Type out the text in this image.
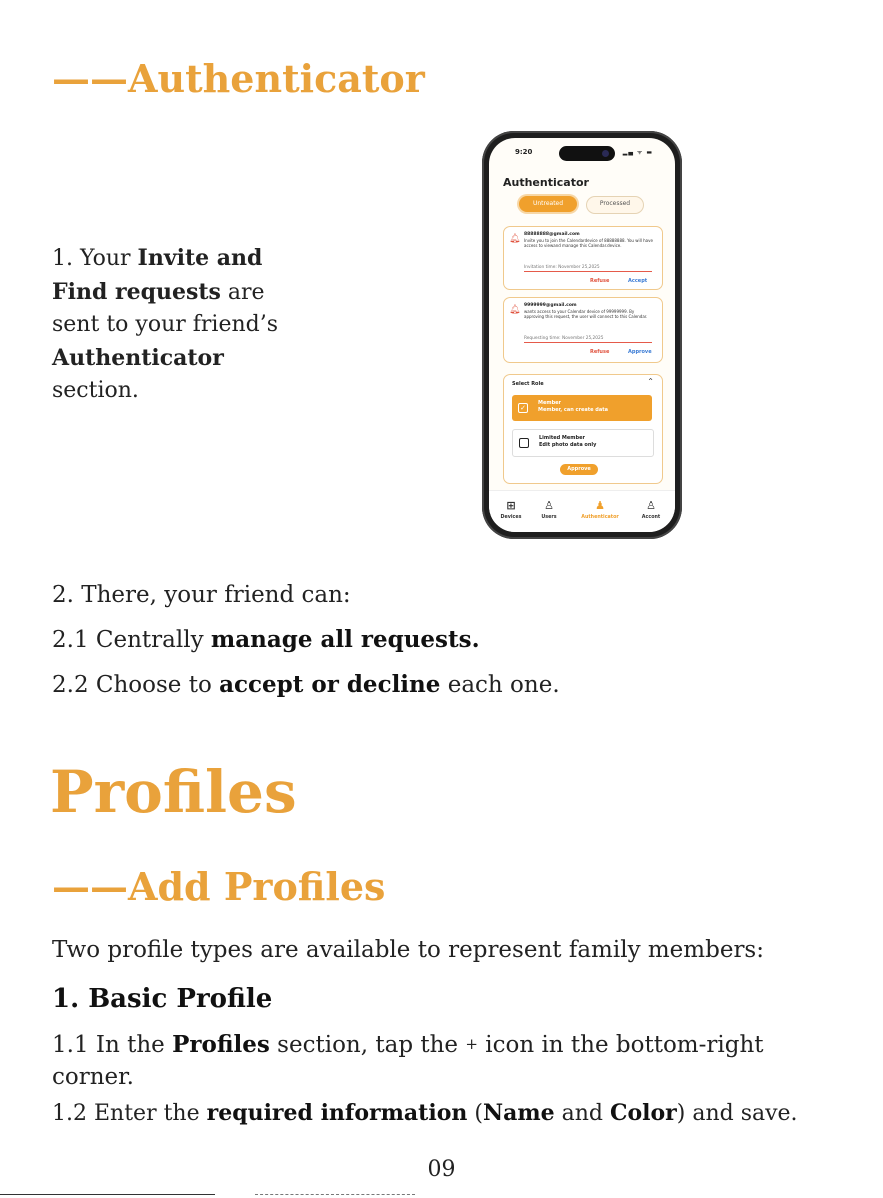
——Authenticator
1. Your Invite and
Find requests are
sent to your friend’s
Authenticator
section.
9:20	▂▄ ᯤ ▬
Authenticator
Untreated	Processed
🔔︎ 88888888@gmail.com
Invite you to join the Calendardevice of 88888888. You will have access to viewand manage this Calendar.device.
Invitation time: November 25,2025
Refuse	Accept
🔔︎ 9999999@gmail.com
wants access to your Calendar device of 99999999. By approving this request, the user will connect to this Calendar.
Requesting time: November 25,2025
Refuse	Approve
Select Role	⌃
✓
Member
Member, can create data
Limited Member
Edit photo data only
Approve
⊞
Devices
♙
Users
♟
Authenticator
♙
Accont
2. There, your friend can:
2.1 Centrally manage all requests.
2.2 Choose to accept or decline each one.
Profiles
——Add Profiles
Two profile types are available to represent family members:
1. Basic Profile
1.1 In the Profiles section, tap the + icon in the bottom-right
corner.
1.2 Enter the required information (Name and Color) and save.
09
